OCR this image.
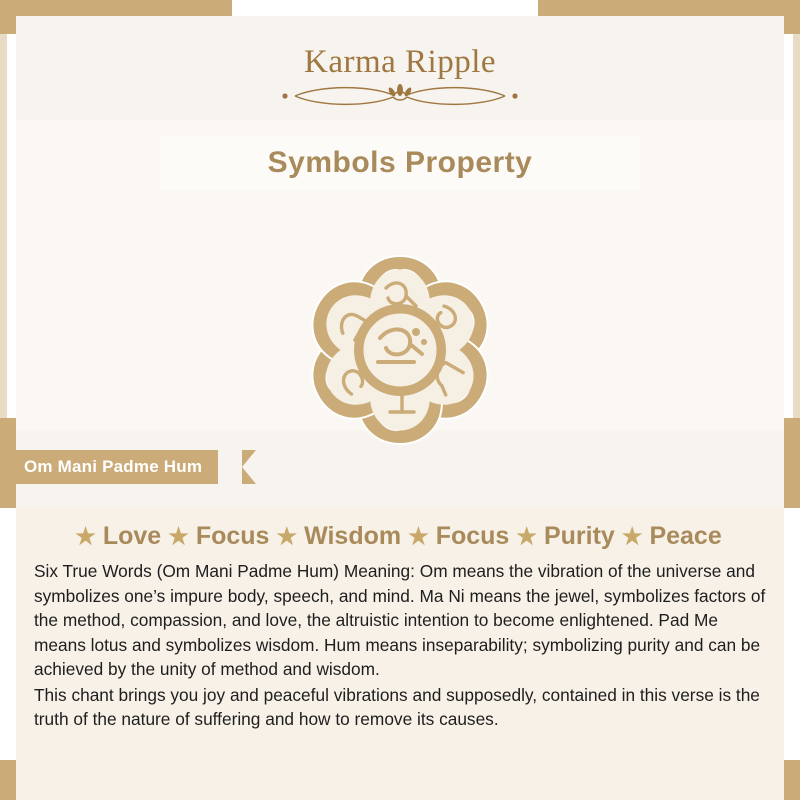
Karma Ripple
Symbols Property
Om Mani Padme Hum
★ Love ★ Focus ★ Wisdom ★ Focus ★ Purity ★ Peace

Six True Words (Om Mani Padme Hum) Meaning: Om means the vibration of the universe and symbolizes one’s impure body, speech, and mind. Ma Ni means the jewel, symbolizes factors of the method, compassion, and love, the altruistic intention to become enlightened. Pad Me means lotus and symbolizes wisdom. Hum means inseparability; symbolizing purity and can be achieved by the unity of method and wisdom.

This chant brings you joy and peaceful vibrations and supposedly, contained in this verse is the truth of the nature of suffering and how to remove its causes.
